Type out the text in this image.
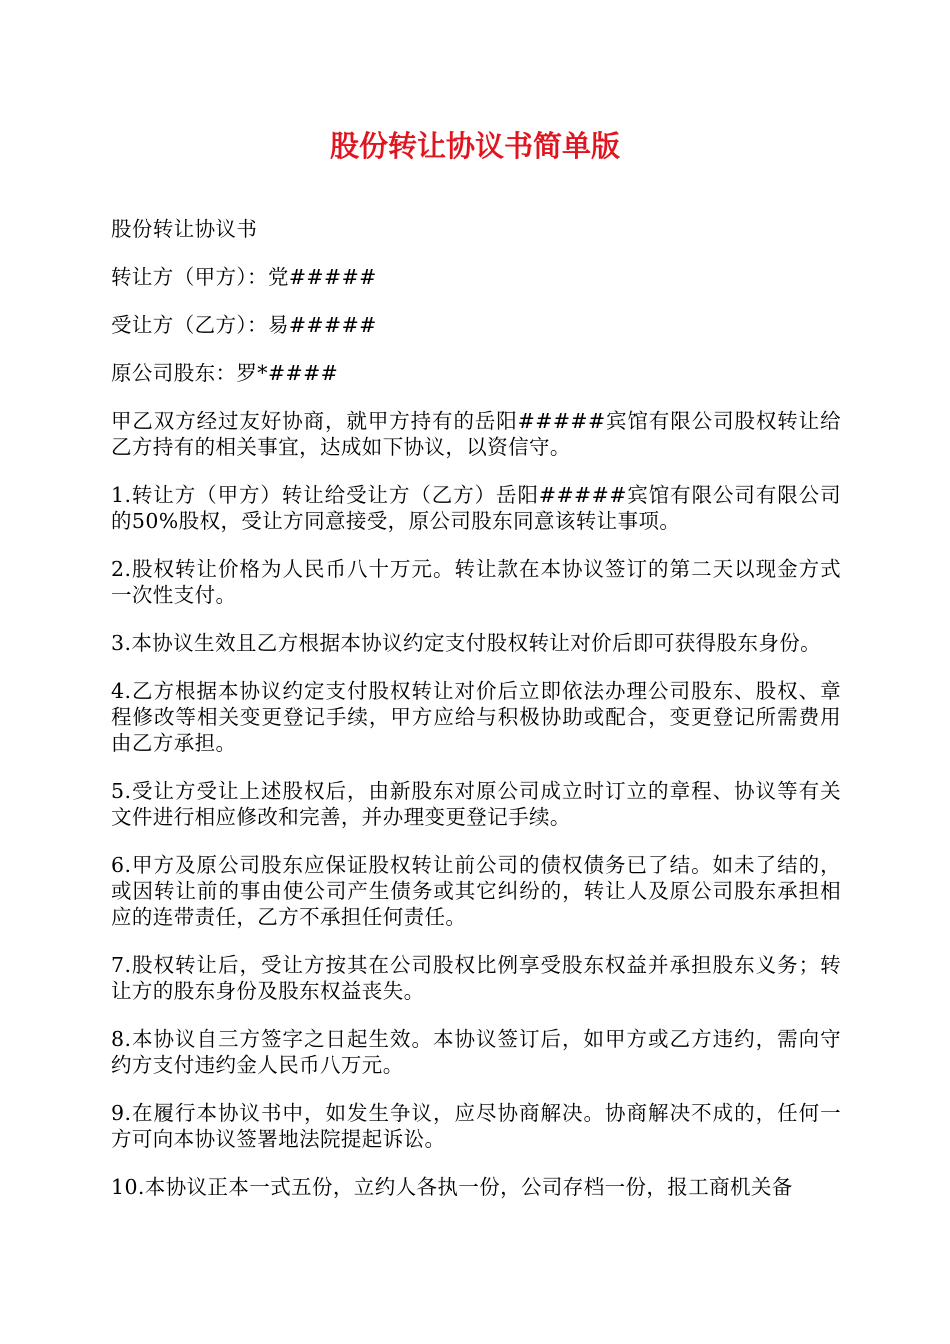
股份转让协议书简单版

股份转让协议书

转让方（甲方）：党#####

受让方（乙方）：易#####

原公司股东：罗*####

甲乙双方经过友好协商，就甲方持有的岳阳#####宾馆有限公司股权转让给乙方持有的相关事宜，达成如下协议，以资信守。

1.转让方（甲方）转让给受让方（乙方）岳阳#####宾馆有限公司有限公司的50%股权，受让方同意接受，原公司股东同意该转让事项。

2.股权转让价格为人民币八十万元。转让款在本协议签订的第二天以现金方式一次性支付。

3.本协议生效且乙方根据本协议约定支付股权转让对价后即可获得股东身份。

4.乙方根据本协议约定支付股权转让对价后立即依法办理公司股东、股权、章程修改等相关变更登记手续，甲方应给与积极协助或配合，变更登记所需费用由乙方承担。

5.受让方受让上述股权后，由新股东对原公司成立时订立的章程、协议等有关文件进行相应修改和完善，并办理变更登记手续。

6.甲方及原公司股东应保证股权转让前公司的债权债务已了结。如未了结的，或因转让前的事由使公司产生债务或其它纠纷的，转让人及原公司股东承担相应的连带责任，乙方不承担任何责任。

7.股权转让后，受让方按其在公司股权比例享受股东权益并承担股东义务；转让方的股东身份及股东权益丧失。

8.本协议自三方签字之日起生效。本协议签订后，如甲方或乙方违约，需向守约方支付违约金人民币八万元。

9.在履行本协议书中，如发生争议，应尽协商解决。协商解决不成的，任何一方可向本协议签署地法院提起诉讼。

10.本协议正本一式五份，立约人各执一份，公司存档一份，报工商机关备
